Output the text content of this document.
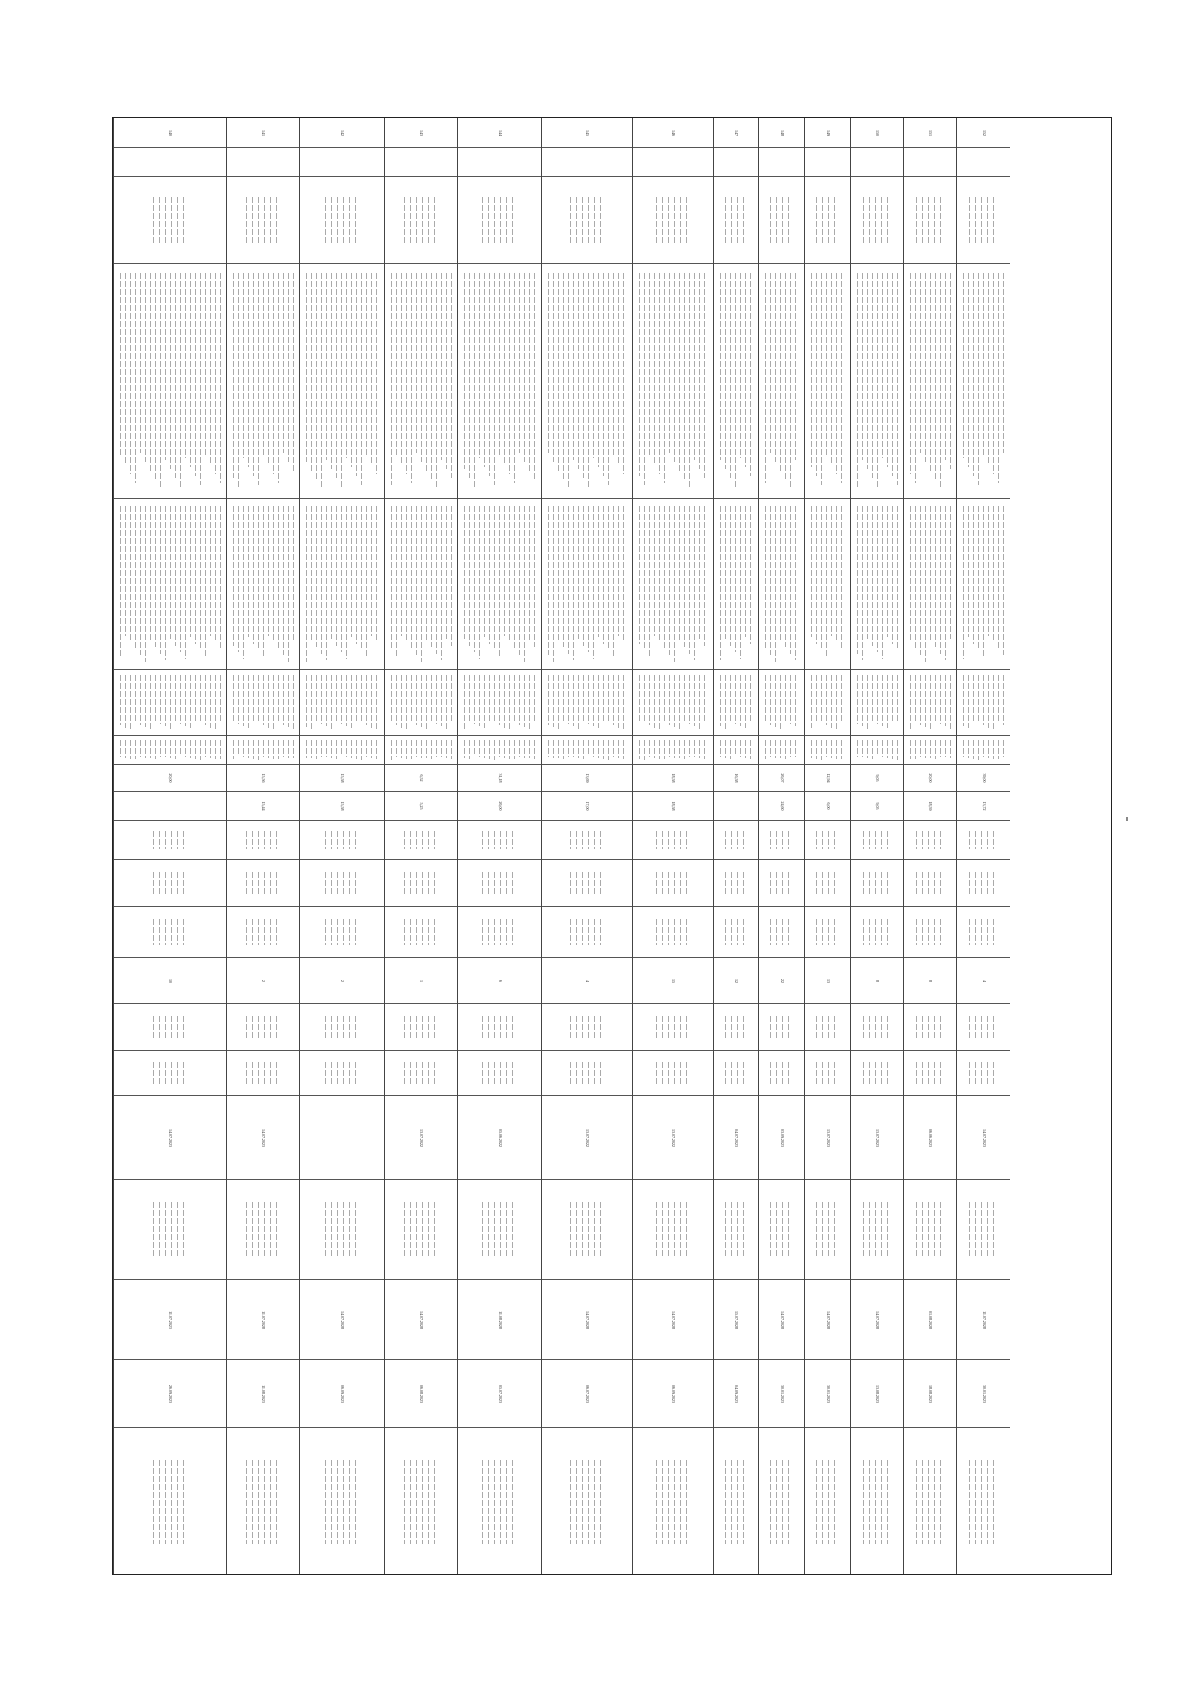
140
20,00
10
14.07.2023
11.07.2023
26.09.2023
141
15,56
15,44
2
14.07.2023
11.07.2028
11.08.2023
142
15,58
15,58
2
14.07.2028
06.09.2023
143
6,52
5,25
1
13.07.2022
14.07.2028
06.08.2023
144
31,18
26,00
6
05.06.2022
11.08.2028
05.07.2023
145
13,69
17,00
4
13.07.2022
14.07.2028
06.07.2023
146
18,58
18,58
15
13.07.2022
14.07.2028
06.09.2023
147
16,58
12
04.07.2023
15.07.2028
04.09.2023
148
26,07
24,60
22
03.09.2023
14.07.2028
30.01.2023
149
12,94
6,00
13
13.07.2023
14.07.2028
30.01.2023
150
9,05
9,05
8
13.07.2023
14.07.2028
13.08.2023
151
20,00
18,59
8
06.06.2023
01.08.2028
18.08.2023
152
39,00
13,72
4
14.07.2023
11.07.2028
30.01.2023
